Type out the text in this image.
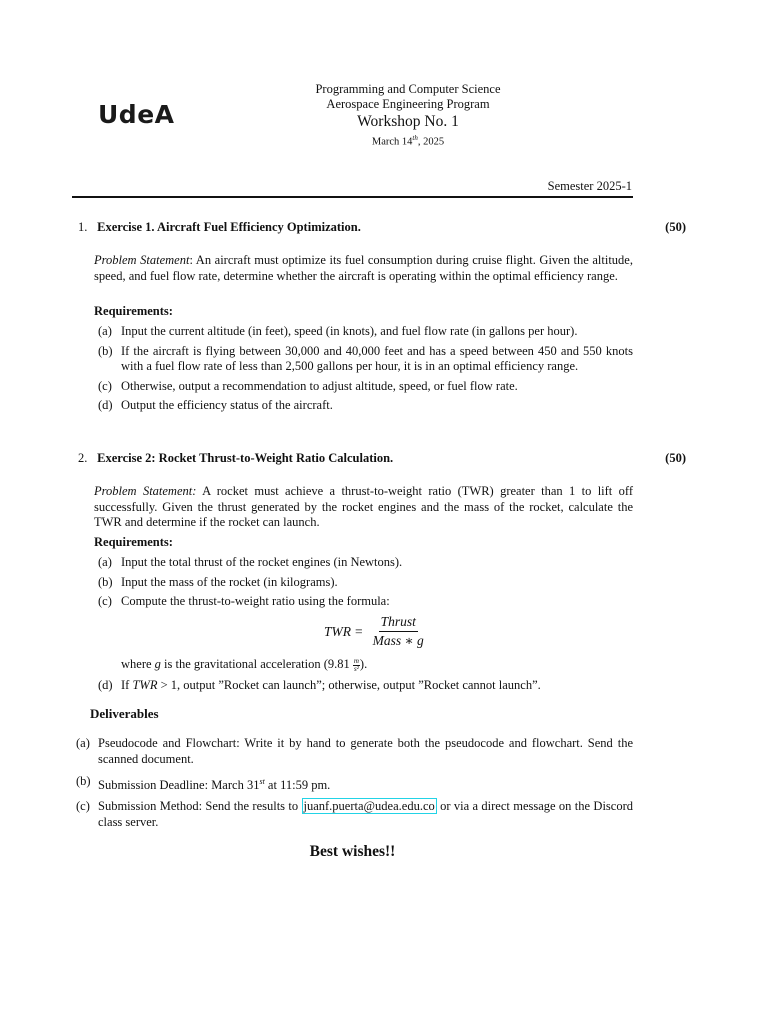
UdeA
Programming and Computer Science
Aerospace Engineering Program
Workshop No. 1
March 14th, 2025
Semester 2025-1
1. Exercise 1. Aircraft Fuel Efficiency Optimization.	(50)
Problem Statement: An aircraft must optimize its fuel consumption during cruise flight. Given the altitude, speed, and fuel flow rate, determine whether the aircraft is operating within the optimal efficiency range.
Requirements:
(a) Input the current altitude (in feet), speed (in knots), and fuel flow rate (in gallons per hour).
(b) If the aircraft is flying between 30,000 and 40,000 feet and has a speed between 450 and 550 knots with a fuel flow rate of less than 2,500 gallons per hour, it is in an optimal efficiency range.
(c) Otherwise, output a recommendation to adjust altitude, speed, or fuel flow rate.
(d) Output the efficiency status of the aircraft.
2. Exercise 2: Rocket Thrust-to-Weight Ratio Calculation.	(50)
Problem Statement: A rocket must achieve a thrust-to-weight ratio (TWR) greater than 1 to lift off successfully. Given the thrust generated by the rocket engines and the mass of the rocket, calculate the TWR and determine if the rocket can launch.
Requirements:
(a) Input the total thrust of the rocket engines (in Newtons).
(b) Input the mass of the rocket (in kilograms).
(c) Compute the thrust-to-weight ratio using the formula:
TWR = $\frac{\text{Thrust}}{\text{Mass ∗ g}}$
where g is the gravitational acceleration ($9.81 \frac{m}{\text{s²}}$ ).
(d) If TWR > 1, output ”Rocket can launch”; otherwise, output ”Rocket cannot launch”.
Deliverables
(a) Pseudocode and Flowchart: Write it by hand to generate both the pseudocode and flowchart. Send the scanned document.
(b) Submission Deadline: March 31st at 11:59 pm.
(c) Submission Method: Send the results to juanf.puerta@udea.edu.co or via a direct message on the Discord class server.
Best wishes!!
